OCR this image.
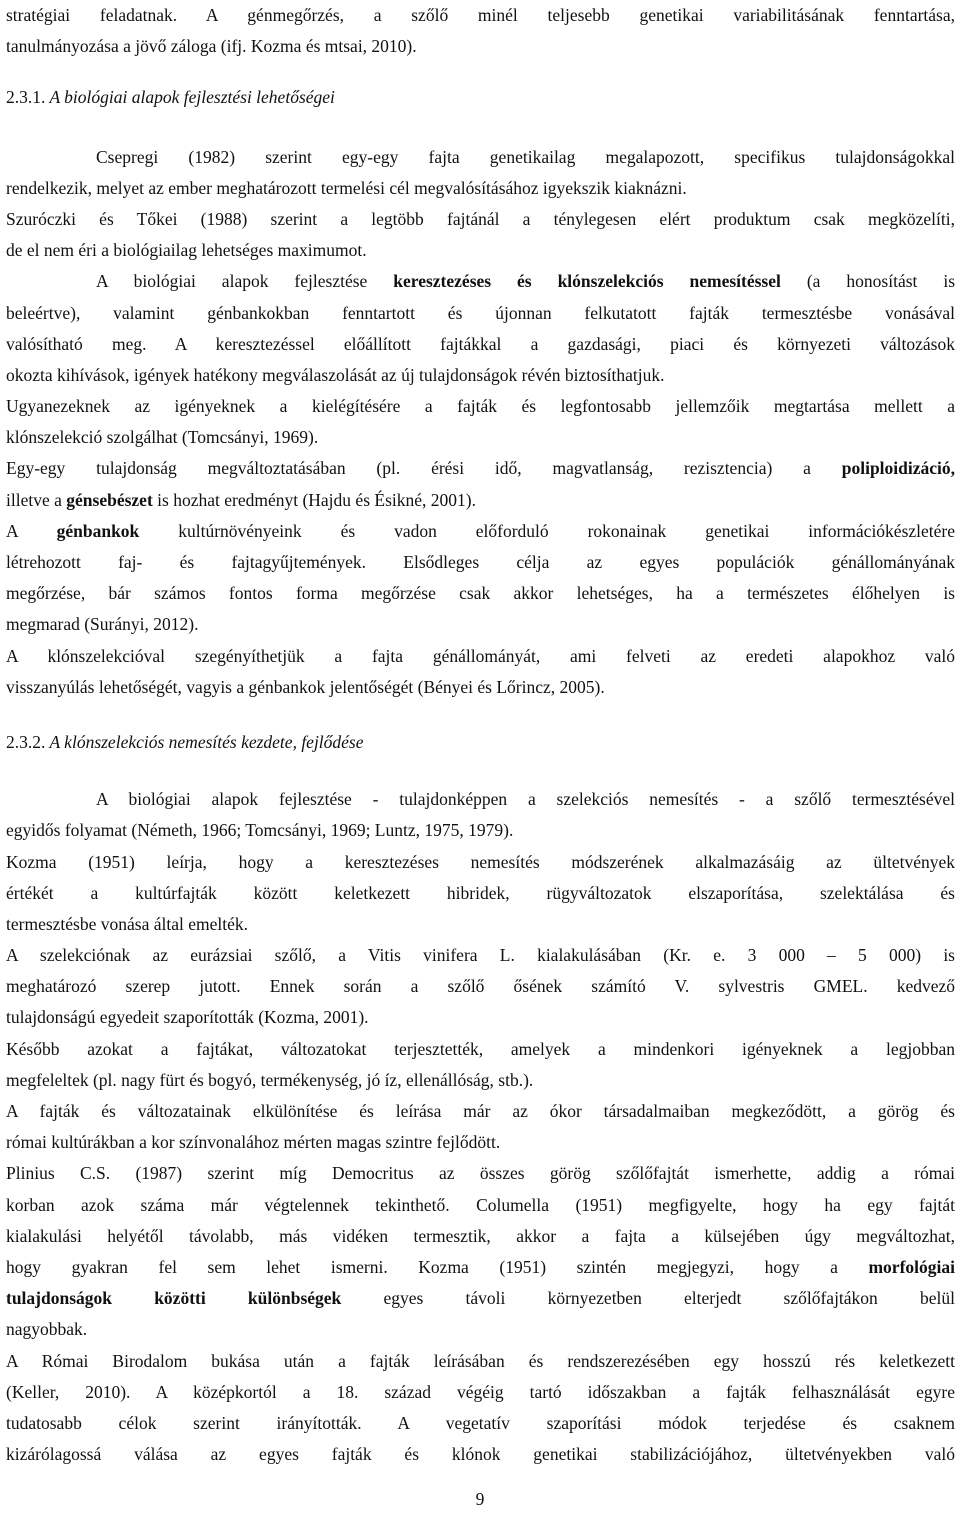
stratégiai feladatnak. A génmegőrzés, a szőlő minél teljesebb genetikai variabilitásának fenntartása,
tanulmányozása a jövő záloga (ifj. Kozma és mtsai, 2010).
2.3.1. A biológiai alapok fejlesztési lehetőségei
Csepregi (1982) szerint egy-egy fajta genetikailag megalapozott, specifikus tulajdonságokkal
rendelkezik, melyet az ember meghatározott termelési cél megvalósításához igyekszik kiaknázni.
Szuróczki és Tőkei (1988) szerint a legtöbb fajtánál a ténylegesen elért produktum csak megközelíti,
de el nem éri a biológiailag lehetséges maximumot.
A biológiai alapok fejlesztése keresztezéses és klónszelekciós nemesítéssel (a honosítást is
beleértve), valamint génbankokban fenntartott és újonnan felkutatott fajták termesztésbe vonásával
valósítható meg. A keresztezéssel előállított fajtákkal a gazdasági, piaci és környezeti változások
okozta kihívások, igények hatékony megválaszolását az új tulajdonságok révén biztosíthatjuk.
Ugyanezeknek az igényeknek a kielégítésére a fajták és legfontosabb jellemzőik megtartása mellett a
klónszelekció szolgálhat (Tomcsányi, 1969).
Egy-egy tulajdonság megváltoztatásában (pl. érési idő, magvatlanság, rezisztencia) a poliploidizáció,
illetve a génsebészet is hozhat eredményt (Hajdu és Ésikné, 2001).
A génbankok kultúrnövényeink és vadon előforduló rokonainak genetikai információkészletére
létrehozott faj- és fajtagyűjtemények. Elsődleges célja az egyes populációk génállományának
megőrzése, bár számos fontos forma megőrzése csak akkor lehetséges, ha a természetes élőhelyen is
megmarad (Surányi, 2012).
A klónszelekcióval szegényíthetjük a fajta génállományát, ami felveti az eredeti alapokhoz való
visszanyúlás lehetőségét, vagyis a génbankok jelentőségét (Bényei és Lőrincz, 2005).
2.3.2. A klónszelekciós nemesítés kezdete, fejlődése
A biológiai alapok fejlesztése - tulajdonképpen a szelekciós nemesítés - a szőlő termesztésével
egyidős folyamat (Németh, 1966; Tomcsányi, 1969; Luntz, 1975, 1979).
Kozma (1951) leírja, hogy a keresztezéses nemesítés módszerének alkalmazásáig az ültetvények
értékét a kultúrfajták között keletkezett hibridek, rügyváltozatok elszaporítása, szelektálása és
termesztésbe vonása által emelték.
A szelekciónak az eurázsiai szőlő, a Vitis vinifera L. kialakulásában (Kr. e. 3 000 – 5 000) is
meghatározó szerep jutott. Ennek során a szőlő ősének számító V. sylvestris GMEL. kedvező
tulajdonságú egyedeit szaporították (Kozma, 2001).
Később azokat a fajtákat, változatokat terjesztették, amelyek a mindenkori igényeknek a legjobban
megfeleltek (pl. nagy fürt és bogyó, termékenység, jó íz, ellenállóság, stb.).
A fajták és változatainak elkülönítése és leírása már az ókor társadalmaiban megkeződött, a görög és
római kultúrákban a kor színvonalához mérten magas szintre fejlődött.
Plinius C.S. (1987) szerint míg Democritus az összes görög szőlőfajtát ismerhette, addig a római
korban azok száma már végtelennek tekinthető. Columella (1951) megfigyelte, hogy ha egy fajtát
kialakulási helyétől távolabb, más vidéken termesztik, akkor a fajta a külsejében úgy megváltozhat,
hogy gyakran fel sem lehet ismerni. Kozma (1951) szintén megjegyzi, hogy a morfológiai
tulajdonságok közötti különbségek egyes távoli környezetben elterjedt szőlőfajtákon belül
nagyobbak.
A Római Birodalom bukása után a fajták leírásában és rendszerezésében egy hosszú rés keletkezett
(Keller, 2010). A középkortól a 18. század végéig tartó időszakban a fajták felhasználását egyre
tudatosabb célok szerint irányították. A vegetatív szaporítási módok terjedése és csaknem
kizárólagossá válása az egyes fajták és klónok genetikai stabilizációjához, ültetvényekben való
9
